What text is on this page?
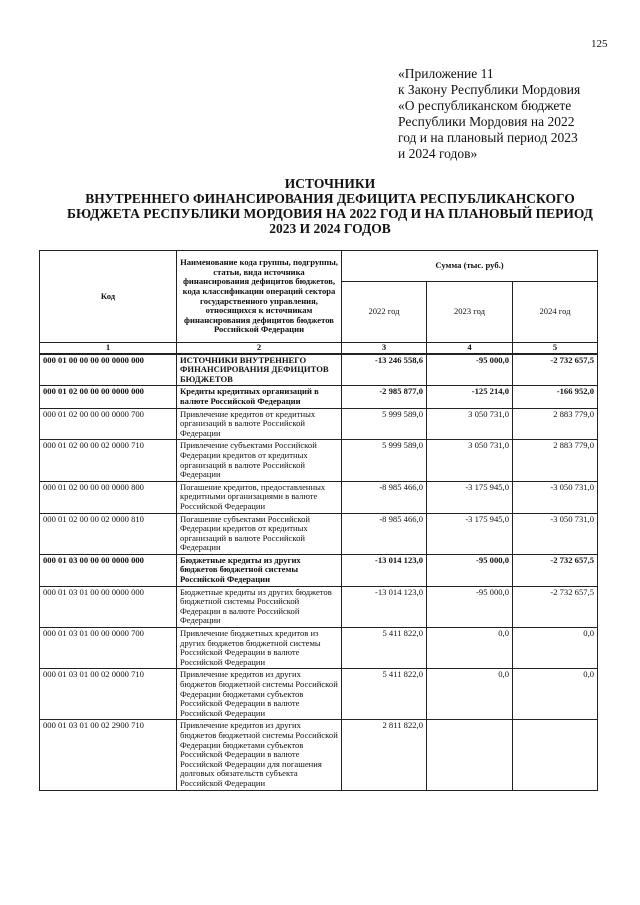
125
«Приложение 11
к Закону Республики Мордовия
«О республиканском бюджете
Республики Мордовия на 2022
год и на плановый период 2023
и 2024 годов»
ИСТОЧНИКИ
ВНУТРЕННЕГО ФИНАНСИРОВАНИЯ ДЕФИЦИТА РЕСПУБЛИКАНСКОГО
БЮДЖЕТА РЕСПУБЛИКИ МОРДОВИЯ НА 2022 ГОД И НА ПЛАНОВЫЙ ПЕРИОД
2023 И 2024 ГОДОВ
Код	Наименование кода группы, подгруппы, статьи, вида источника финансирования дефицитов бюджетов, кода классификации операций сектора государственного управления, относящихся к источникам финансирования дефицитов бюджетов Российской Федерации	Сумма (тыс. руб.)		
		2022 год	2023 год	2024 год
1	2	3	4	5
000 01 00 00 00 00 0000 000	ИСТОЧНИКИ ВНУТРЕННЕГО ФИНАНСИРОВАНИЯ ДЕФИЦИТОВ БЮДЖЕТОВ	-13 246 558,6	-95 000,0	-2 732 657,5
000 01 02 00 00 00 0000 000	Кредиты кредитных организаций в валюте Российской Федерации	-2 985 877,0	-125 214,0	-166 952,0
000 01 02 00 00 00 0000 700	Привлечение кредитов от кредитных организаций в валюте Российской Федерации	5 999 589,0	3 050 731,0	2 883 779,0
000 01 02 00 00 02 0000 710	Привлечение субъектами Российской Федерации кредитов от кредитных организаций в валюте Российской Федерации	5 999 589,0	3 050 731,0	2 883 779,0
000 01 02 00 00 00 0000 800	Погашение кредитов, предоставленных кредитными организациями в валюте Российской Федерации	-8 985 466,0	-3 175 945,0	-3 050 731,0
000 01 02 00 00 02 0000 810	Погашение субъектами Российской Федерации кредитов от кредитных организаций в валюте Российской Федерации	-8 985 466,0	-3 175 945,0	-3 050 731,0
000 01 03 00 00 00 0000 000	Бюджетные кредиты из других бюджетов бюджетной системы Российской Федерации	-13 014 123,0	-95 000,0	-2 732 657,5
000 01 03 01 00 00 0000 000	Бюджетные кредиты из других бюджетов бюджетной системы Российской Федерации в валюте Российской Федерации	-13 014 123,0	-95 000,0	-2 732 657,5
000 01 03 01 00 00 0000 700	Привлечение бюджетных кредитов из других бюджетов бюджетной системы Российской Федерации в валюте Российской Федерации	5 411 822,0	0,0	0,0
000 01 03 01 00 02 0000 710	Привлечение кредитов из других бюджетов бюджетной системы Российской Федерации бюджетами субъектов Российской Федерации в валюте Российской Федерации	5 411 822,0	0,0	0,0
000 01 03 01 00 02 2900 710	Привлечение кредитов из других бюджетов бюджетной системы Российской Федерации бюджетами субъектов Российской Федерации в валюте Российской Федерации для погашения долговых обязательств субъекта Российской Федерации	2 811 822,0		
